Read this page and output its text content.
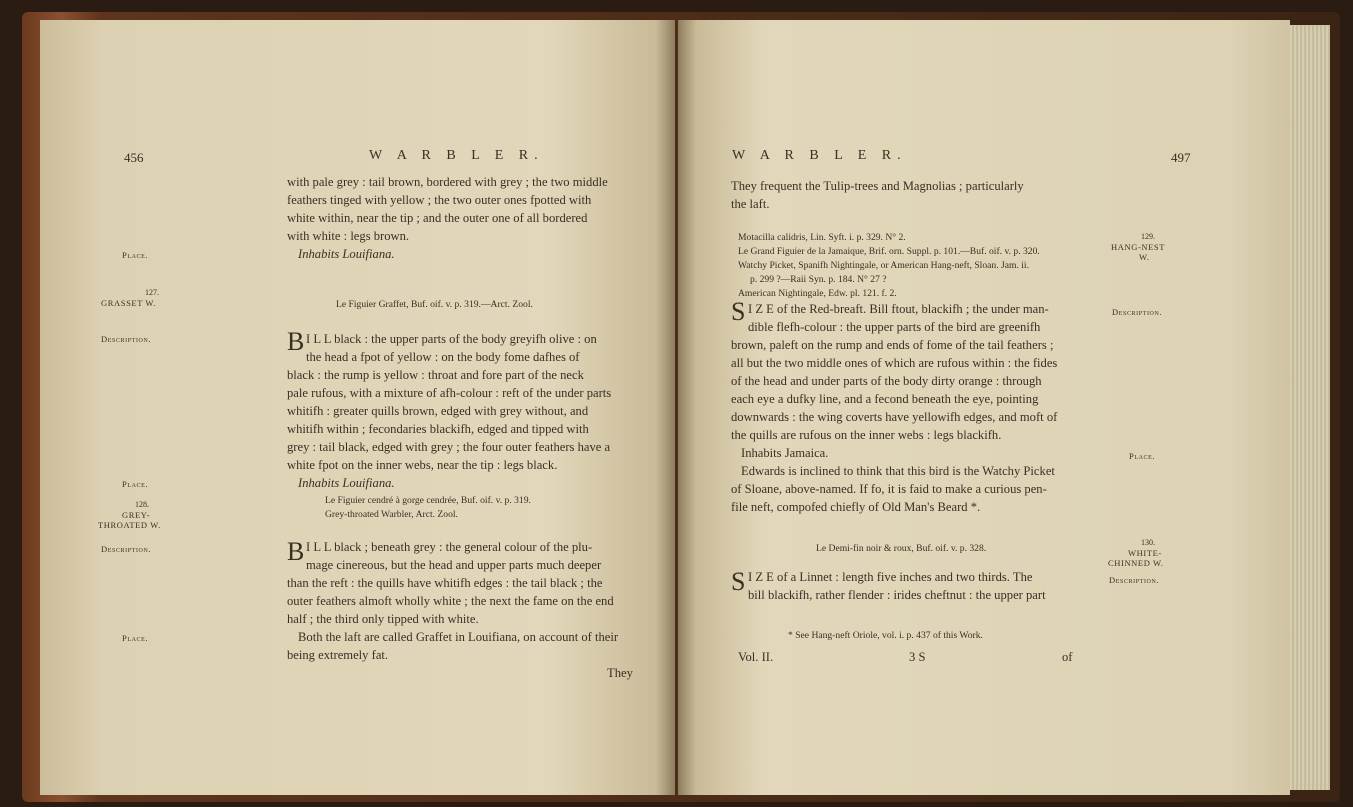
456	W A R B L E R.
with pale grey : tail brown, bordered with grey ; the two middle
feathers tinged with yellow ; the two outer ones fpotted with
white within, near the tip ; and the outer one of all bordered
with white : legs brown.
Place.	Inhabits Louifiana.
127.
GRASSET W.	Le Figuier Graffet, Buf. oif. v. p. 319.—Arct. Zool.
Description.	B I L L black : the upper parts of the body greyifh olive : on
the head a fpot of yellow : on the body fome dafhes of
black : the rump is yellow : throat and fore part of the neck
pale rufous, with a mixture of afh-colour : reft of the under parts
whitifh : greater quills brown, edged with grey without, and
whitifh within ; fecondaries blackifh, edged and tipped with
grey : tail black, edged with grey ; the four outer feathers have a
white fpot on the inner webs, near the tip : legs black.
Place.	Inhabits Louifiana.
128.
GREY-
THROATED W.
Le Figuier cendré à gorge cendrée, Buf. oif. v. p. 319.
Grey-throated Warbler, Arct. Zool.
Description.	B I L L black ; beneath grey : the general colour of the plu-
mage cinereous, but the head and upper parts much deeper
than the reft : the quills have whitifh edges : the tail black ; the
outer feathers almoft wholly white ; the next the fame on the end
half ; the third only tipped with white.
Place.	Both the laft are called Graffet in Louifiana, on account of their
being extremely fat.
They
W A R B L E R.	497
They frequent the Tulip-trees and Magnolias ; particularly
the laft.
Motacilla calidris, Lin. Syft. i. p. 329. N° 2.
Le Grand Figuier de la Jamaique, Brif. orn. Suppl. p. 101.—Buf. oif. v. p. 320.
Watchy Picket, Spanifh Nightingale, or American Hang-neft, Sloan. Jam. ii.
p. 299 ?—Raii Syn. p. 184. N° 27 ?
American Nightingale, Edw. pl. 121. f. 2.
129.
HANG-NEST
W.
S I Z E of the Red-breaft. Bill ftout, blackifh ; the under man-	Description.
dible flefh-colour : the upper parts of the bird are greenifh
brown, paleft on the rump and ends of fome of the tail feathers ;
all but the two middle ones of which are rufous within : the fides
of the head and under parts of the body dirty orange : through
each eye a dufky line, and a fecond beneath the eye, pointing
downwards : the wing coverts have yellowifh edges, and moft of
the quills are rufous on the inner webs : legs blackifh.
Inhabits Jamaica.	Place.
Edwards is inclined to think that this bird is the Watchy Picket
of Sloane, above-named. If fo, it is faid to make a curious pen-
file neft, compofed chiefly of Old Man's Beard *.
Le Demi-fin noir & roux, Buf. oif. v. p. 328.
130.
WHITE-
CHINNED W.
Description.
S I Z E of a Linnet : length five inches and two thirds. The
bill blackifh, rather flender : irides cheftnut : the upper part
* See Hang-neft Oriole, vol. i. p. 437 of this Work.
Vol. II.	3 S	of
